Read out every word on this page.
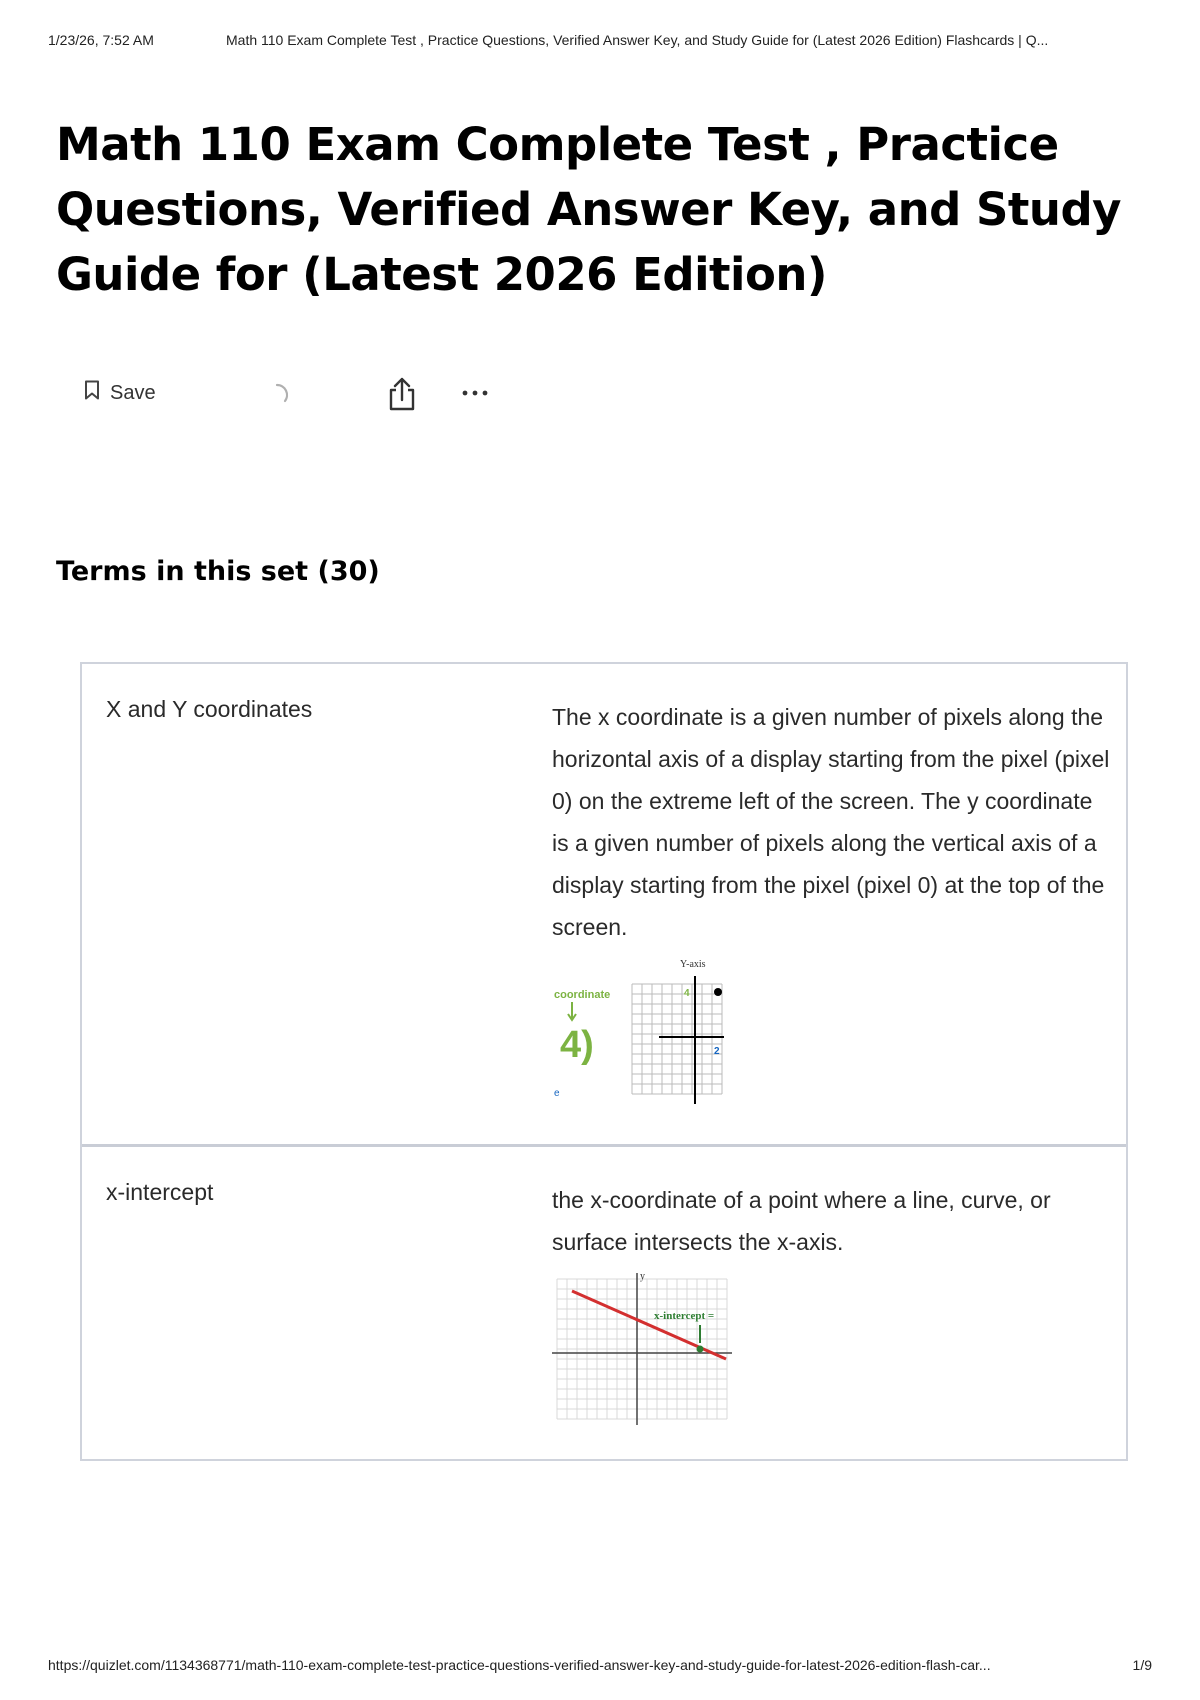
1/23/26, 7:52 AM	Math 110 Exam Complete Test , Practice Questions, Verified Answer Key, and Study Guide for (Latest 2026 Edition) Flashcards | Q...
Math 110 Exam Complete Test , Practice Questions, Verified Answer Key, and Study Guide for (Latest 2026 Edition)
Save
Terms in this set (30)
X and Y coordinates	The x coordinate is a given number of pixels along the horizontal axis of a display starting from the pixel (pixel 0) on the extreme left of the screen. The y coordinate is a given number of pixels along the vertical axis of a display starting from the pixel (pixel 0) at the top of the screen.
Y-axis
coordinate
4)
e
4
2
x-intercept	the x-coordinate of a point where a line, curve, or surface intersects the x-axis.
y
x-intercept =
https://quizlet.com/1134368771/math-110-exam-complete-test-practice-questions-verified-answer-key-and-study-guide-for-latest-2026-edition-flash-car...	1/9
